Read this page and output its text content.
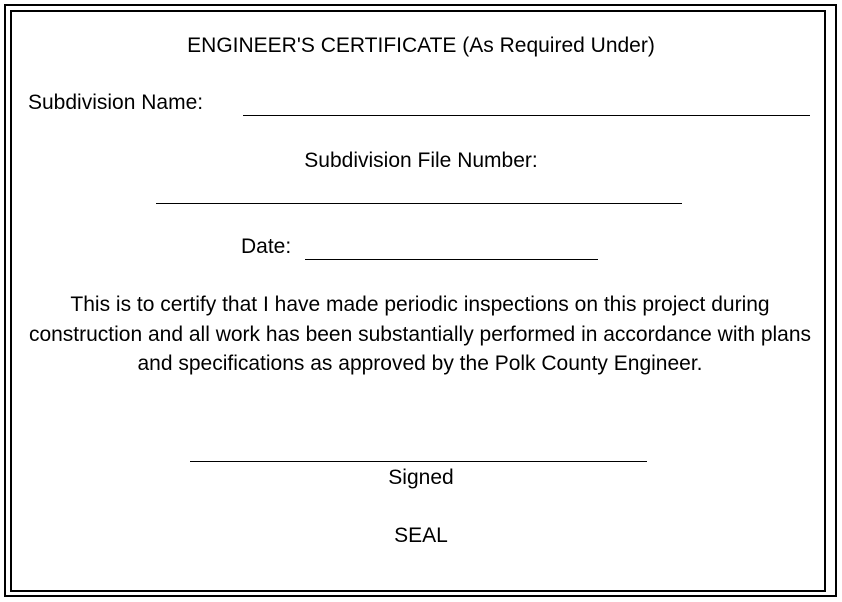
ENGINEER'S CERTIFICATE (As Required Under)
Subdivision Name:
Subdivision File Number:
Date:
This is to certify that I have made periodic inspections on this project during construction and all work has been substantially performed in accordance with plans and specifications as approved by the Polk County Engineer.
Signed
SEAL
